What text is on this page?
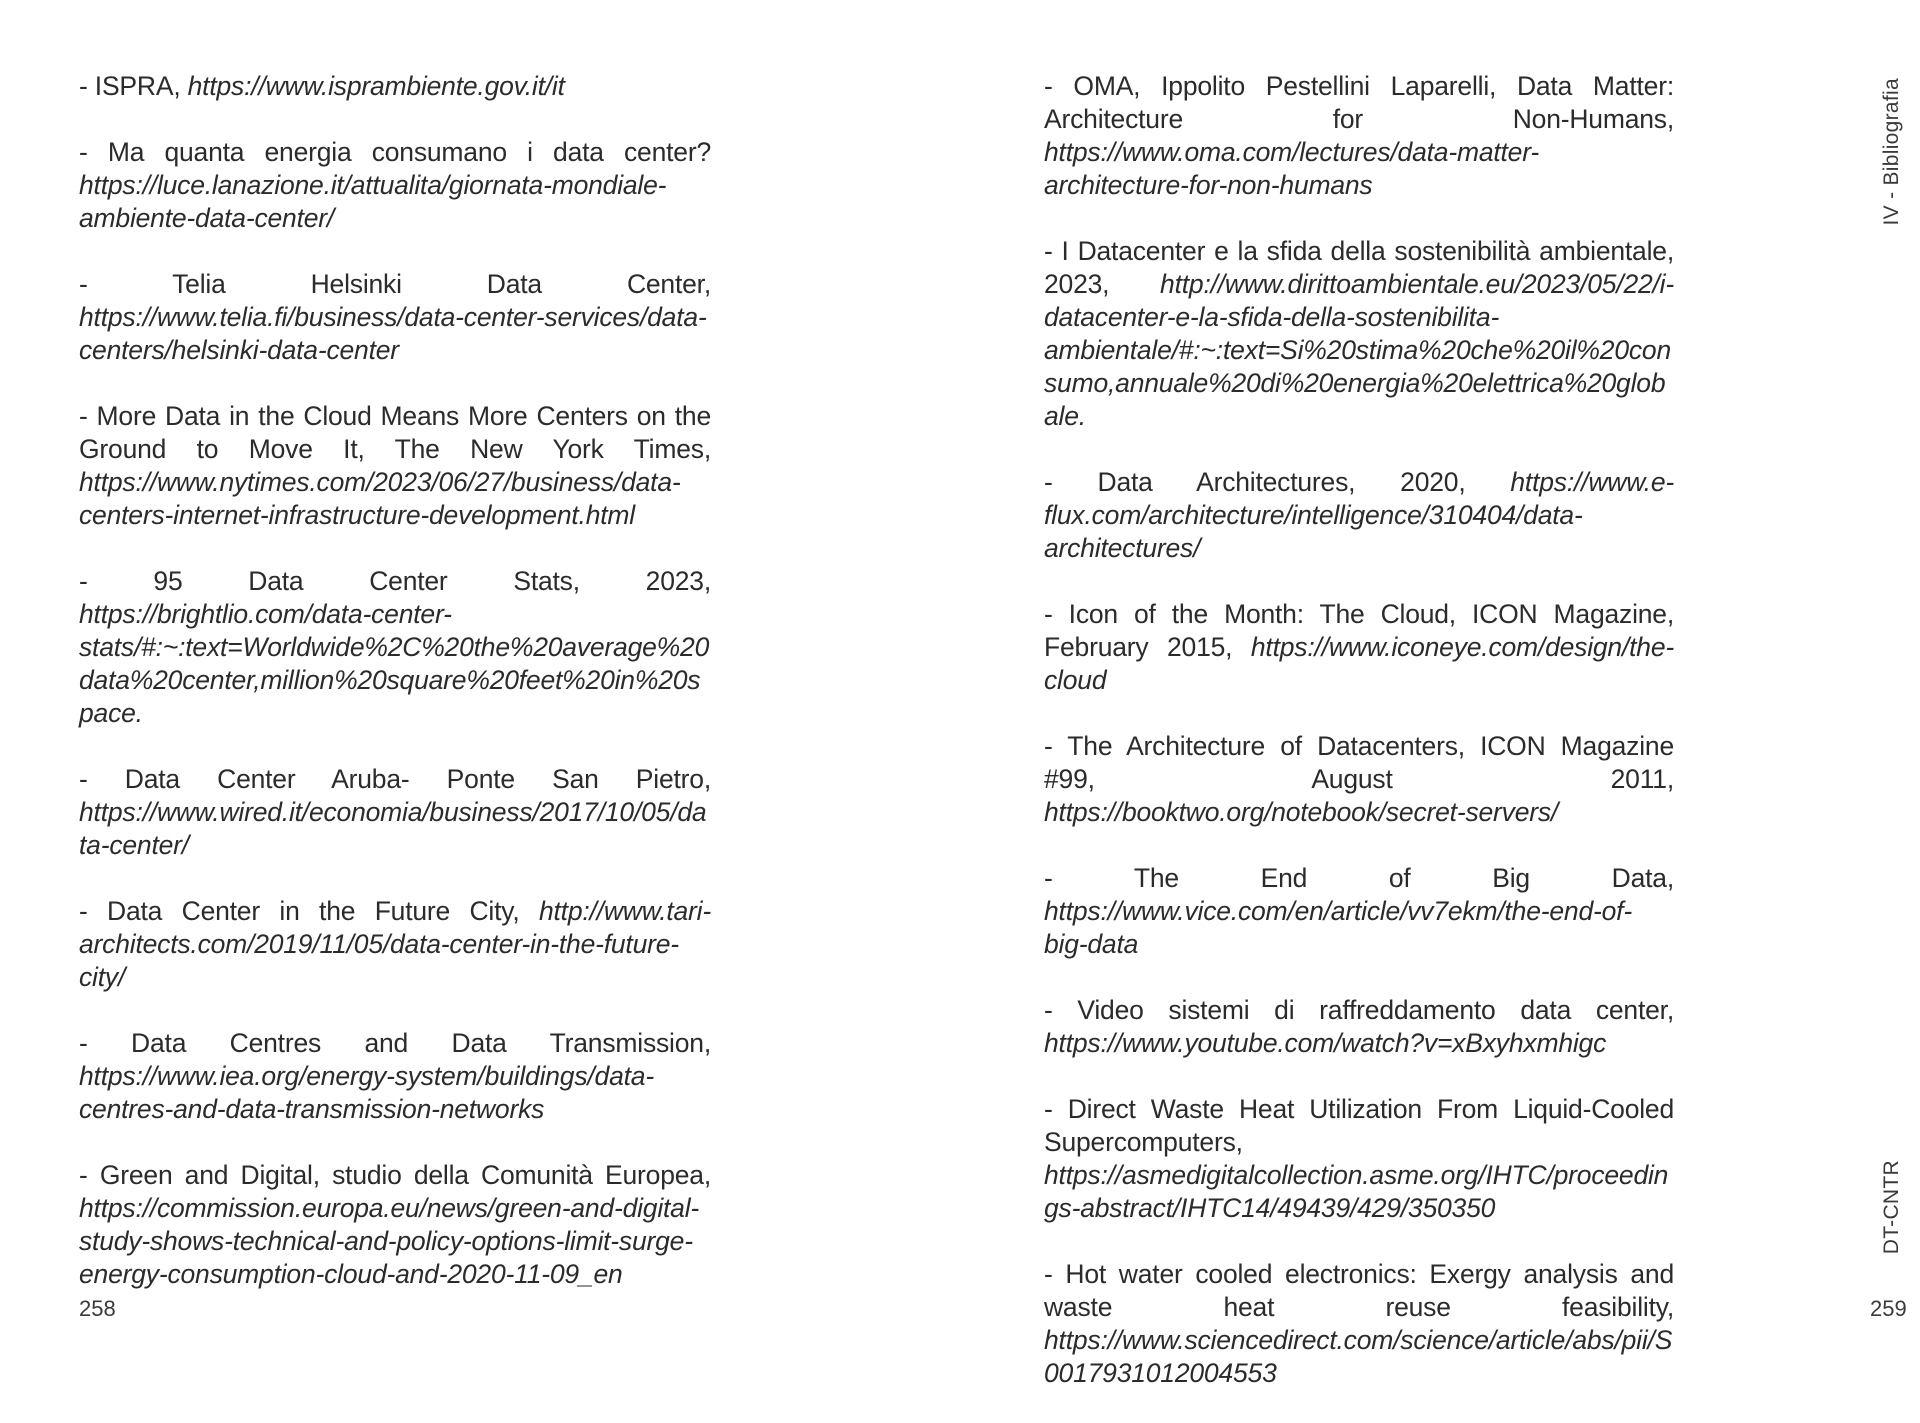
- ISPRA, https://www.isprambiente.gov.it/it

- Ma quanta energia consumano i data center? https://luce.lanazione.it/attualita/giornata-mondiale-ambiente-data-center/

- Telia Helsinki Data Center, https://www.telia.fi/business/data-center-services/data-centers/helsinki-data-center

- More Data in the Cloud Means More Centers on the Ground to Move It, The New York Times, https://www.nytimes.com/2023/06/27/business/data-centers-internet-infrastructure-development.html

- 95 Data Center Stats, 2023, https://brightlio.com/data-center-stats/#:~:text=Worldwide%2C%20the%20average%20data%20center,million%20square%20feet%20in%20space.

- Data Center Aruba- Ponte San Pietro, https://www.wired.it/economia/business/2017/10/05/data-center/

- Data Center in the Future City, http://www.tari-architects.com/2019/11/05/data-center-in-the-future-city/

- Data Centres and Data Transmission, https://www.iea.org/energy-system/buildings/data-centres-and-data-transmission-networks

- Green and Digital, studio della Comunità Europea, https://commission.europa.eu/news/green-and-digital-study-shows-technical-and-policy-options-limit-surge-energy-consumption-cloud-and-2020-11-09_en

- OMA, Ippolito Pestellini Laparelli, Data Matter: Architecture for Non-Humans, https://www.oma.com/lectures/data-matter-architecture-for-non-humans

- I Datacenter e la sfida della sostenibilità ambientale, 2023, http://www.dirittoambientale.eu/2023/05/22/i-datacenter-e-la-sfida-della-sostenibilita-ambientale/#:~:text=Si%20stima%20che%20il%20consumo,annuale%20di%20energia%20elettrica%20globale.

- Data Architectures, 2020, https://www.e-flux.com/architecture/intelligence/310404/data-architectures/

- Icon of the Month: The Cloud, ICON Magazine, February 2015, https://www.iconeye.com/design/the-cloud

- The Architecture of Datacenters, ICON Magazine #99, August 2011, https://booktwo.org/notebook/secret-servers/

- The End of Big Data, https://www.vice.com/en/article/vv7ekm/the-end-of-big-data

- Video sistemi di raffreddamento data center, https://www.youtube.com/watch?v=xBxyhxmhigc

- Direct Waste Heat Utilization From Liquid-Cooled Supercomputers, https://asmedigitalcollection.asme.org/IHTC/proceedings-abstract/IHTC14/49439/429/350350

- Hot water cooled electronics: Exergy analysis and waste heat reuse feasibility, https://www.sciencedirect.com/science/article/abs/pii/S0017931012004553

258	259
IV - Bibliografia
DT-CNTR
